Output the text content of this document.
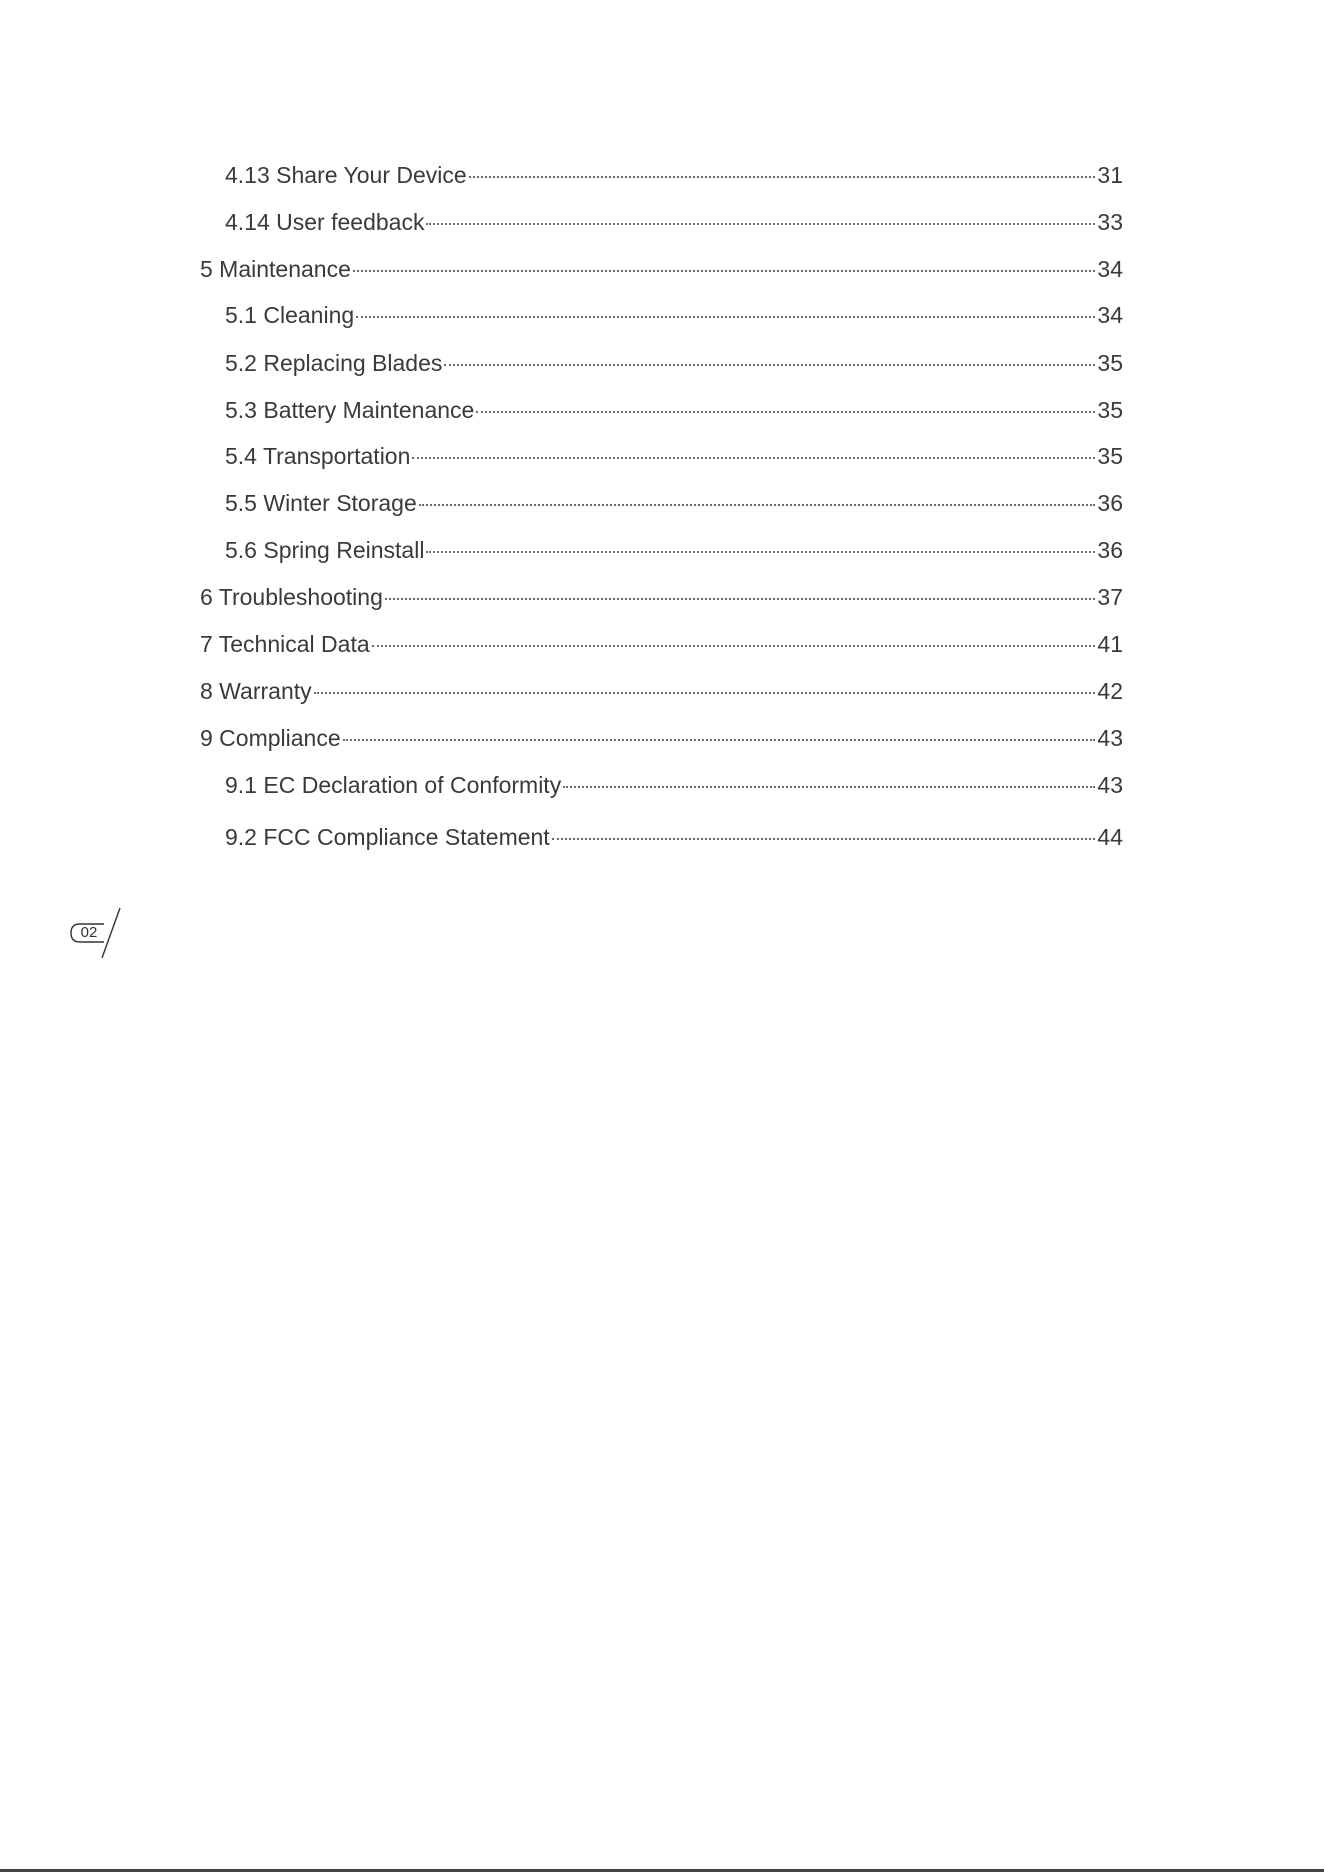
4.13 Share Your Device	31
4.14 User feedback	33
5 Maintenance	34
5.1 Cleaning	34
5.2 Replacing Blades	35
5.3 Battery Maintenance	35
5.4 Transportation	35
5.5 Winter Storage	36
5.6 Spring Reinstall	36
6 Troubleshooting	37
7 Technical Data	41
8 Warranty	42
9 Compliance	43
9.1 EC Declaration of Conformity	43
9.2 FCC Compliance Statement	44
02
